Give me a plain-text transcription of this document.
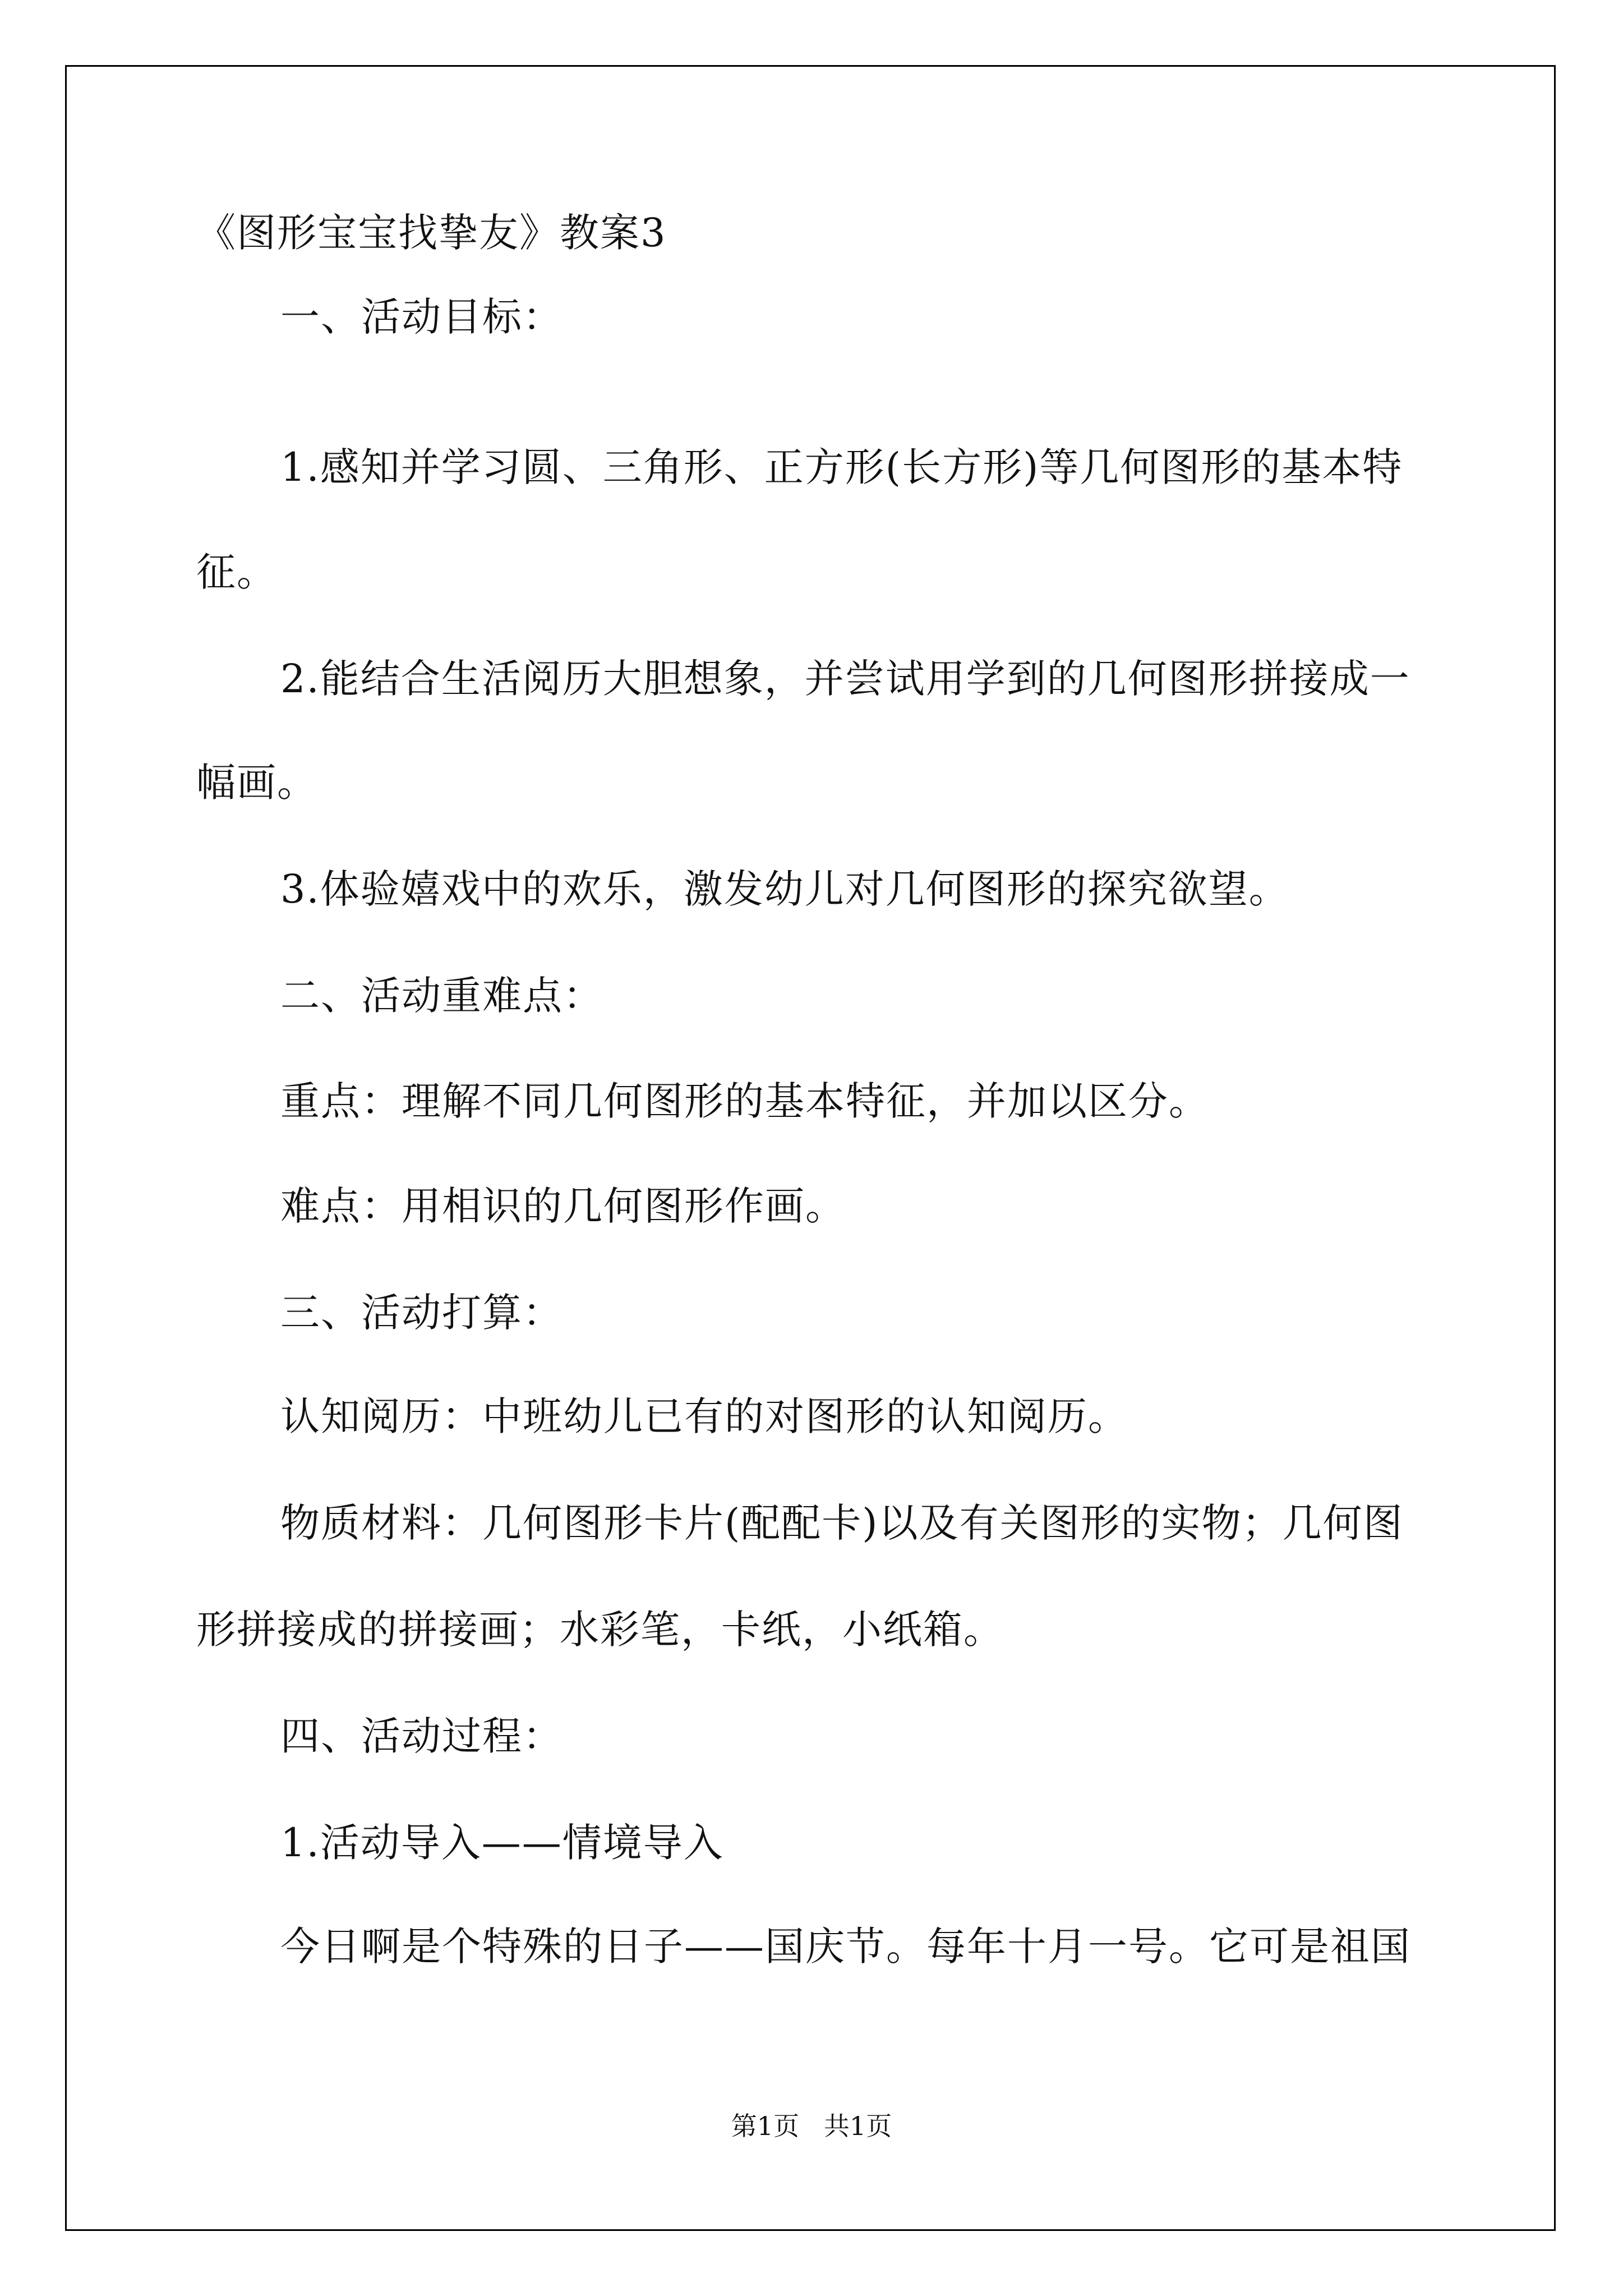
《图形宝宝找挚友》教案3
一、活动目标：
1.感知并学习圆、三角形、正方形(长方形)等几何图形的基本特
征。
2.能结合生活阅历大胆想象，并尝试用学到的几何图形拼接成一
幅画。
3.体验嬉戏中的欢乐，激发幼儿对几何图形的探究欲望。
二、活动重难点：
重点：理解不同几何图形的基本特征，并加以区分。
难点：用相识的几何图形作画。
三、活动打算：
认知阅历：中班幼儿已有的对图形的认知阅历。
物质材料：几何图形卡片(配配卡)以及有关图形的实物；几何图
形拼接成的拼接画；水彩笔，卡纸，小纸箱。
四、活动过程：
1.活动导入——情境导入
今日啊是个特殊的日子——国庆节。每年十月一号。它可是祖国
第1页   共1页
